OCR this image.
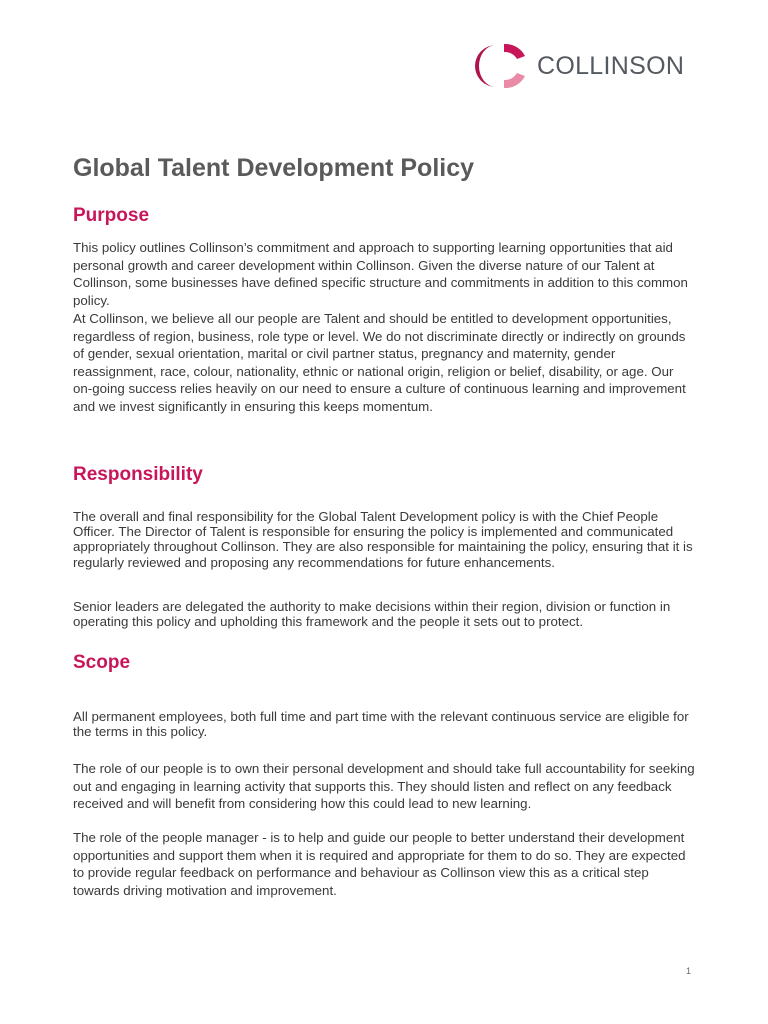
COLLINSON
Global Talent Development Policy
Purpose

This policy outlines Collinson’s commitment and approach to supporting learning opportunities that aid personal growth and career development within Collinson. Given the diverse nature of our Talent at Collinson, some businesses have defined specific structure and commitments in addition to this common policy.

At Collinson, we believe all our people are Talent and should be entitled to development opportunities, regardless of region, business, role type or level. We do not discriminate directly or indirectly on grounds of gender, sexual orientation, marital or civil partner status, pregnancy and maternity, gender reassignment, race, colour, nationality, ethnic or national origin, religion or belief, disability, or age. Our on-going success relies heavily on our need to ensure a culture of continuous learning and improvement and we invest significantly in ensuring this keeps momentum.

Responsibility

The overall and final responsibility for the Global Talent Development policy is with the Chief People Officer. The Director of Talent is responsible for ensuring the policy is implemented and communicated appropriately throughout Collinson. They are also responsible for maintaining the policy, ensuring that it is regularly reviewed and proposing any recommendations for future enhancements.

Senior leaders are delegated the authority to make decisions within their region, division or function in operating this policy and upholding this framework and the people it sets out to protect.

Scope

All permanent employees, both full time and part time with the relevant continuous service are eligible for the terms in this policy.

The role of our people is to own their personal development and should take full accountability for seeking out and engaging in learning activity that supports this. They should listen and reflect on any feedback received and will benefit from considering how this could lead to new learning.

The role of the people manager - is to help and guide our people to better understand their development opportunities and support them when it is required and appropriate for them to do so. They are expected to provide regular feedback on performance and behaviour as Collinson view this as a critical step towards driving motivation and improvement.

1
